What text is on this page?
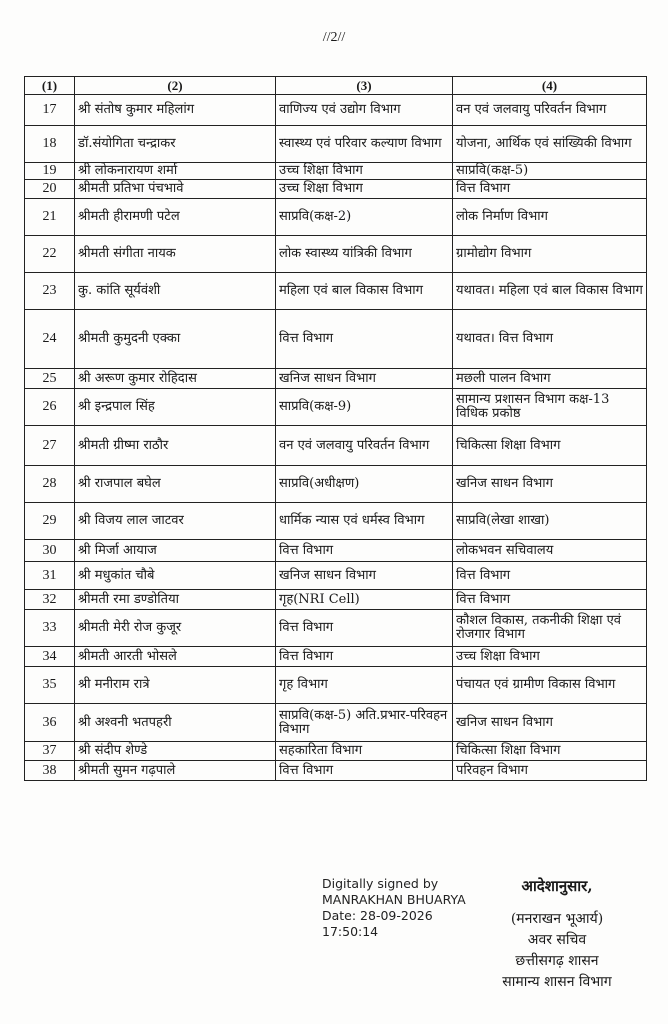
//2//
(1)	(2)	(3)	(4)
17	श्री संतोष कुमार महिलांग	वाणिज्य एवं उद्योग विभाग	वन एवं जलवायु परिवर्तन विभाग
18	डॉ.संयोगिता चन्द्राकर	स्वास्थ्य एवं परिवार कल्याण विभाग	योजना, आर्थिक एवं सांख्यिकी विभाग
19	श्री लोकनारायण शर्मा	उच्च शिक्षा विभाग	साप्रवि(कक्ष-5)
20	श्रीमती प्रतिभा पंचभावे	उच्च शिक्षा विभाग	वित्त विभाग
21	श्रीमती हीरामणी पटेल	साप्रवि(कक्ष-2)	लोक निर्माण विभाग
22	श्रीमती संगीता नायक	लोक स्वास्थ्य यांत्रिकी विभाग	ग्रामोद्योग विभाग
23	कु. कांति सूर्यवंशी	महिला एवं बाल विकास विभाग	यथावत। महिला एवं बाल विकास विभाग
24	श्रीमती कुमुदनी एक्का	वित्त विभाग	यथावत। वित्त विभाग
25	श्री अरूण कुमार रोहिदास	खनिज साधन विभाग	मछली पालन विभाग
26	श्री इन्द्रपाल सिंह	साप्रवि(कक्ष-9)	सामान्य प्रशासन विभाग कक्ष-13 विधिक प्रकोष्ठ
27	श्रीमती ग्रीष्मा राठौर	वन एवं जलवायु परिवर्तन विभाग	चिकित्सा शिक्षा विभाग
28	श्री राजपाल बघेल	साप्रवि(अधीक्षण)	खनिज साधन विभाग
29	श्री विजय लाल जाटवर	धार्मिक न्यास एवं धर्मस्व विभाग	साप्रवि(लेखा शाखा)
30	श्री मिर्जा आयाज	वित्त विभाग	लोकभवन सचिवालय
31	श्री मधुकांत चौबे	खनिज साधन विभाग	वित्त विभाग
32	श्रीमती रमा डण्डोतिया	गृह(NRI Cell)	वित्त विभाग
33	श्रीमती मेरी रोज कुजूर	वित्त विभाग	कौशल विकास, तकनीकी शिक्षा एवं रोजगार विभाग
34	श्रीमती आरती भोसले	वित्त विभाग	उच्च शिक्षा विभाग
35	श्री मनीराम रात्रे	गृह विभाग	पंचायत एवं ग्रामीण विकास विभाग
36	श्री अश्वनी भतपहरी	साप्रवि(कक्ष-5) अति.प्रभार-परिवहन विभाग	खनिज साधन विभाग
37	श्री संदीप शेण्डे	सहकारिता विभाग	चिकित्सा शिक्षा विभाग
38	श्रीमती सुमन गढ़पाले	वित्त विभाग	परिवहन विभाग
Digitally signed by
MANRAKHAN BHUARYA
Date: 28-09-2026
17:50:14
आदेशानुसार,
(मनराखन भूआर्य)
अवर सचिव
छत्तीसगढ़ शासन
सामान्य शासन विभाग
